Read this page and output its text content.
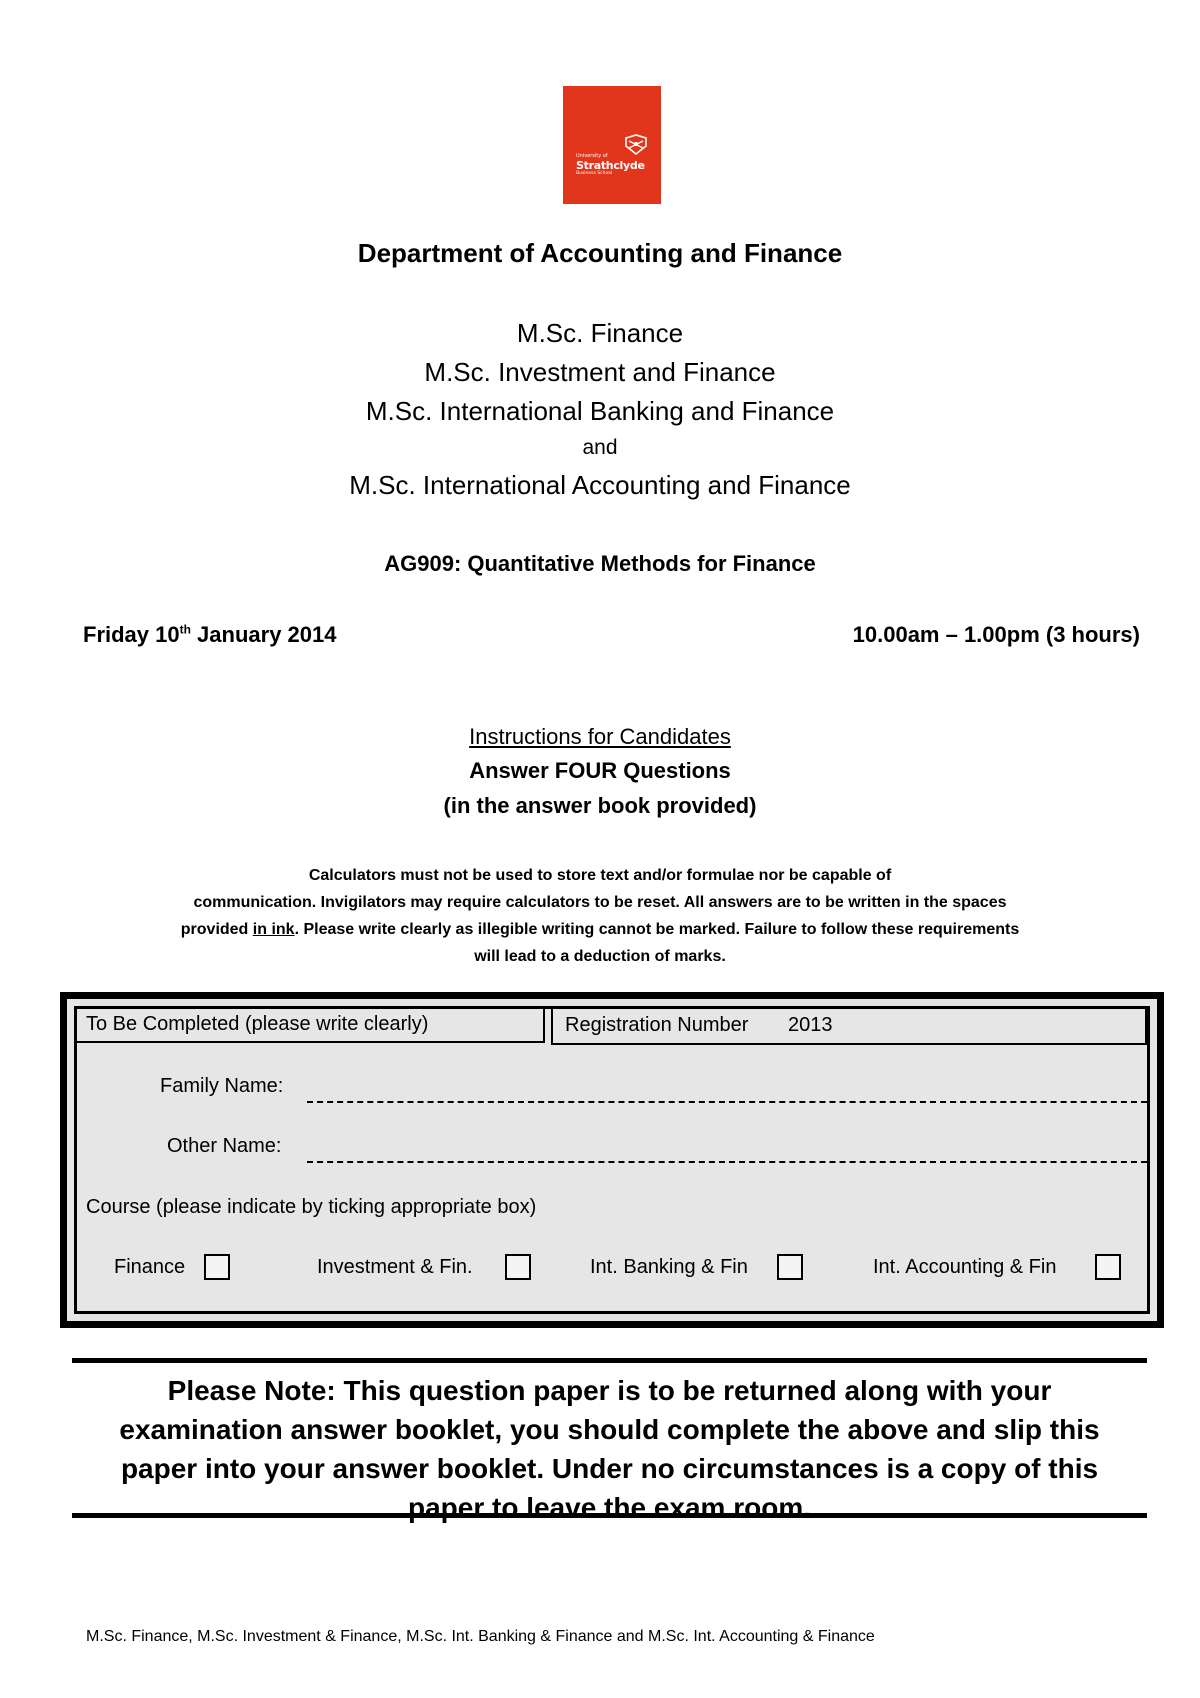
University of
Strathclyde
Business School
Department of Accounting and Finance
M.Sc. Finance
M.Sc. Investment and Finance
M.Sc. International Banking and Finance
and
M.Sc. International Accounting and Finance
AG909: Quantitative Methods for Finance
Friday 10th January 2014	10.00am – 1.00pm (3 hours)
Instructions for Candidates
Answer FOUR Questions
(in the answer book provided)
Calculators must not be used to store text and/or formulae nor be capable of
communication. Invigilators may require calculators to be reset. All answers are to be written in the spaces
provided in ink. Please write clearly as illegible writing cannot be marked. Failure to follow these requirements
will lead to a deduction of marks.
To Be Completed (please write clearly)	Registration Number 2013
Family Name:
Other Name:
Course (please indicate by ticking appropriate box)
Finance	Investment & Fin.	Int. Banking & Fin	Int. Accounting & Fin
Please Note: This question paper is to be returned along with your
examination answer booklet, you should complete the above and slip this
paper into your answer booklet. Under no circumstances is a copy of this
paper to leave the exam room.
M.Sc. Finance, M.Sc. Investment & Finance, M.Sc. Int. Banking & Finance and M.Sc. Int. Accounting & Finance
